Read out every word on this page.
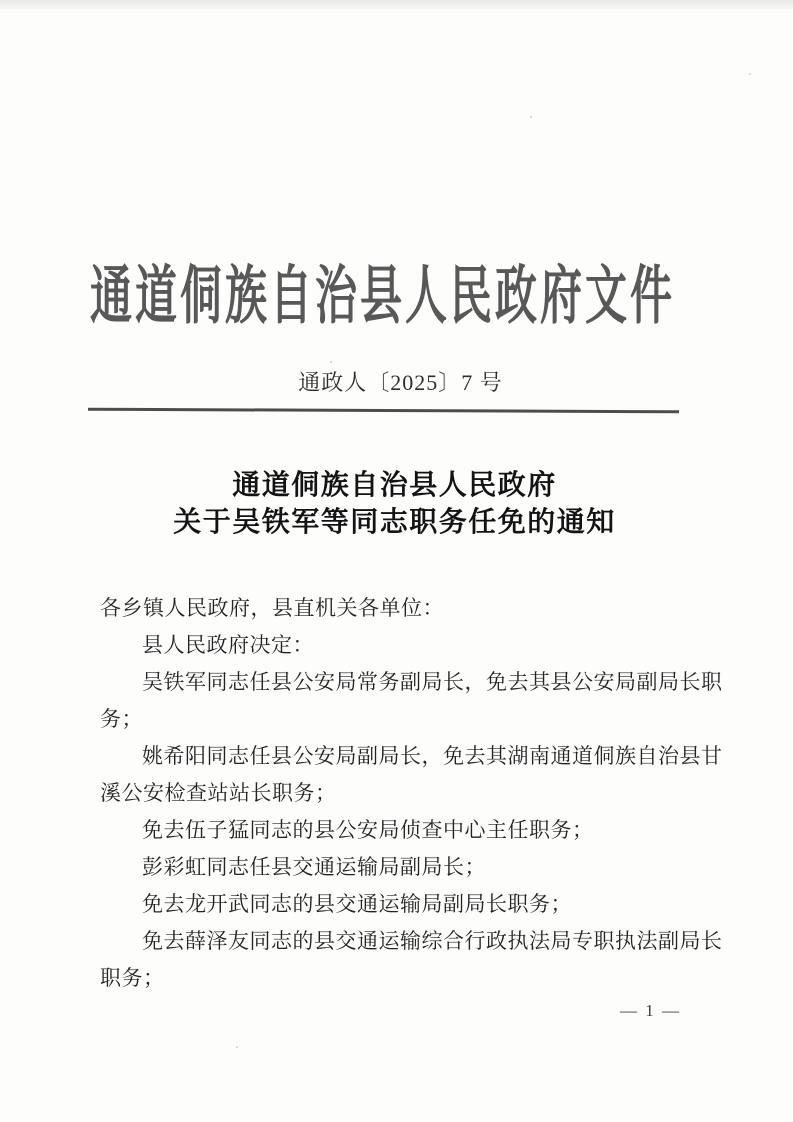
通道侗族自治县人民政府文件
通政人〔2025〕7 号
通道侗族自治县人民政府
关于吴铁军等同志职务任免的通知
各乡镇人民政府，县直机关各单位：
县人民政府决定：
吴铁军同志任县公安局常务副局长，免去其县公安局副局长职
务；
姚希阳同志任县公安局副局长，免去其湖南通道侗族自治县甘
溪公安检查站站长职务；
免去伍子猛同志的县公安局侦查中心主任职务；
彭彩虹同志任县交通运输局副局长；
免去龙开武同志的县交通运输局副局长职务；
免去薛泽友同志的县交通运输综合行政执法局专职执法副局长
职务；
— 1 —
